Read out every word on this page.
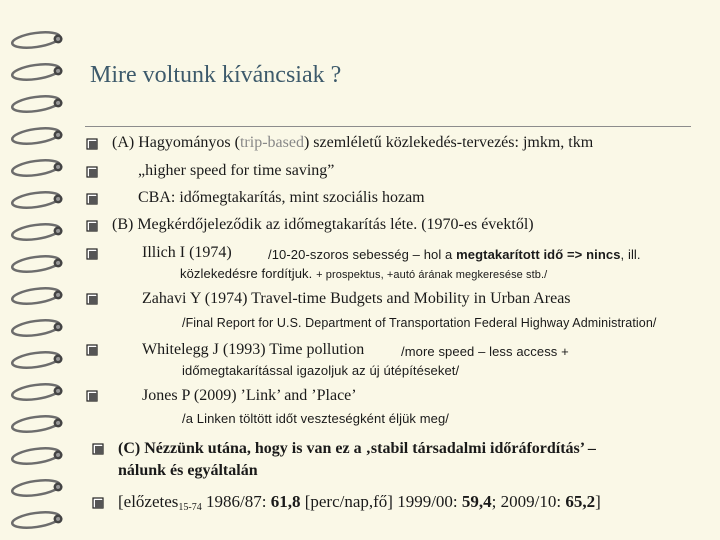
Mire voltunk kíváncsiak ?
(A) Hagyományos (trip-based) szemléletű közlekedés-tervezés: jmkm, tkm
„higher speed for time saving”
CBA: időmegtakarítás, mint szociális hozam
(B) Megkérdőjeleződik az időmegtakarítás léte. (1970-es évektől)
Illich I (1974)	/10-20-szoros sebesség – hol a megtakarított idő => nincs, ill.
közlekedésre fordítjuk. + prospektus, +autó árának megkeresése stb./
Zahavi Y (1974) Travel-time Budgets and Mobility in Urban Areas
/Final Report for U.S. Department of Transportation Federal Highway Administration/
Whitelegg J (1993) Time pollution	/more speed – less access +
időmegtakarítással igazoljuk az új útépítéseket/
Jones P (2009) ’Link’ and ’Place’
/a Linken töltött időt veszteségként éljük meg/
(C) Nézzünk utána, hogy is van ez a ‚stabil társadalmi időráfordítás’ –
nálunk és egyáltalán
[előzetes$_{15-74}$ 1986/87: 61,8 [perc/nap,fő] 1999/00: 59,4; 2009/10: 65,2]
